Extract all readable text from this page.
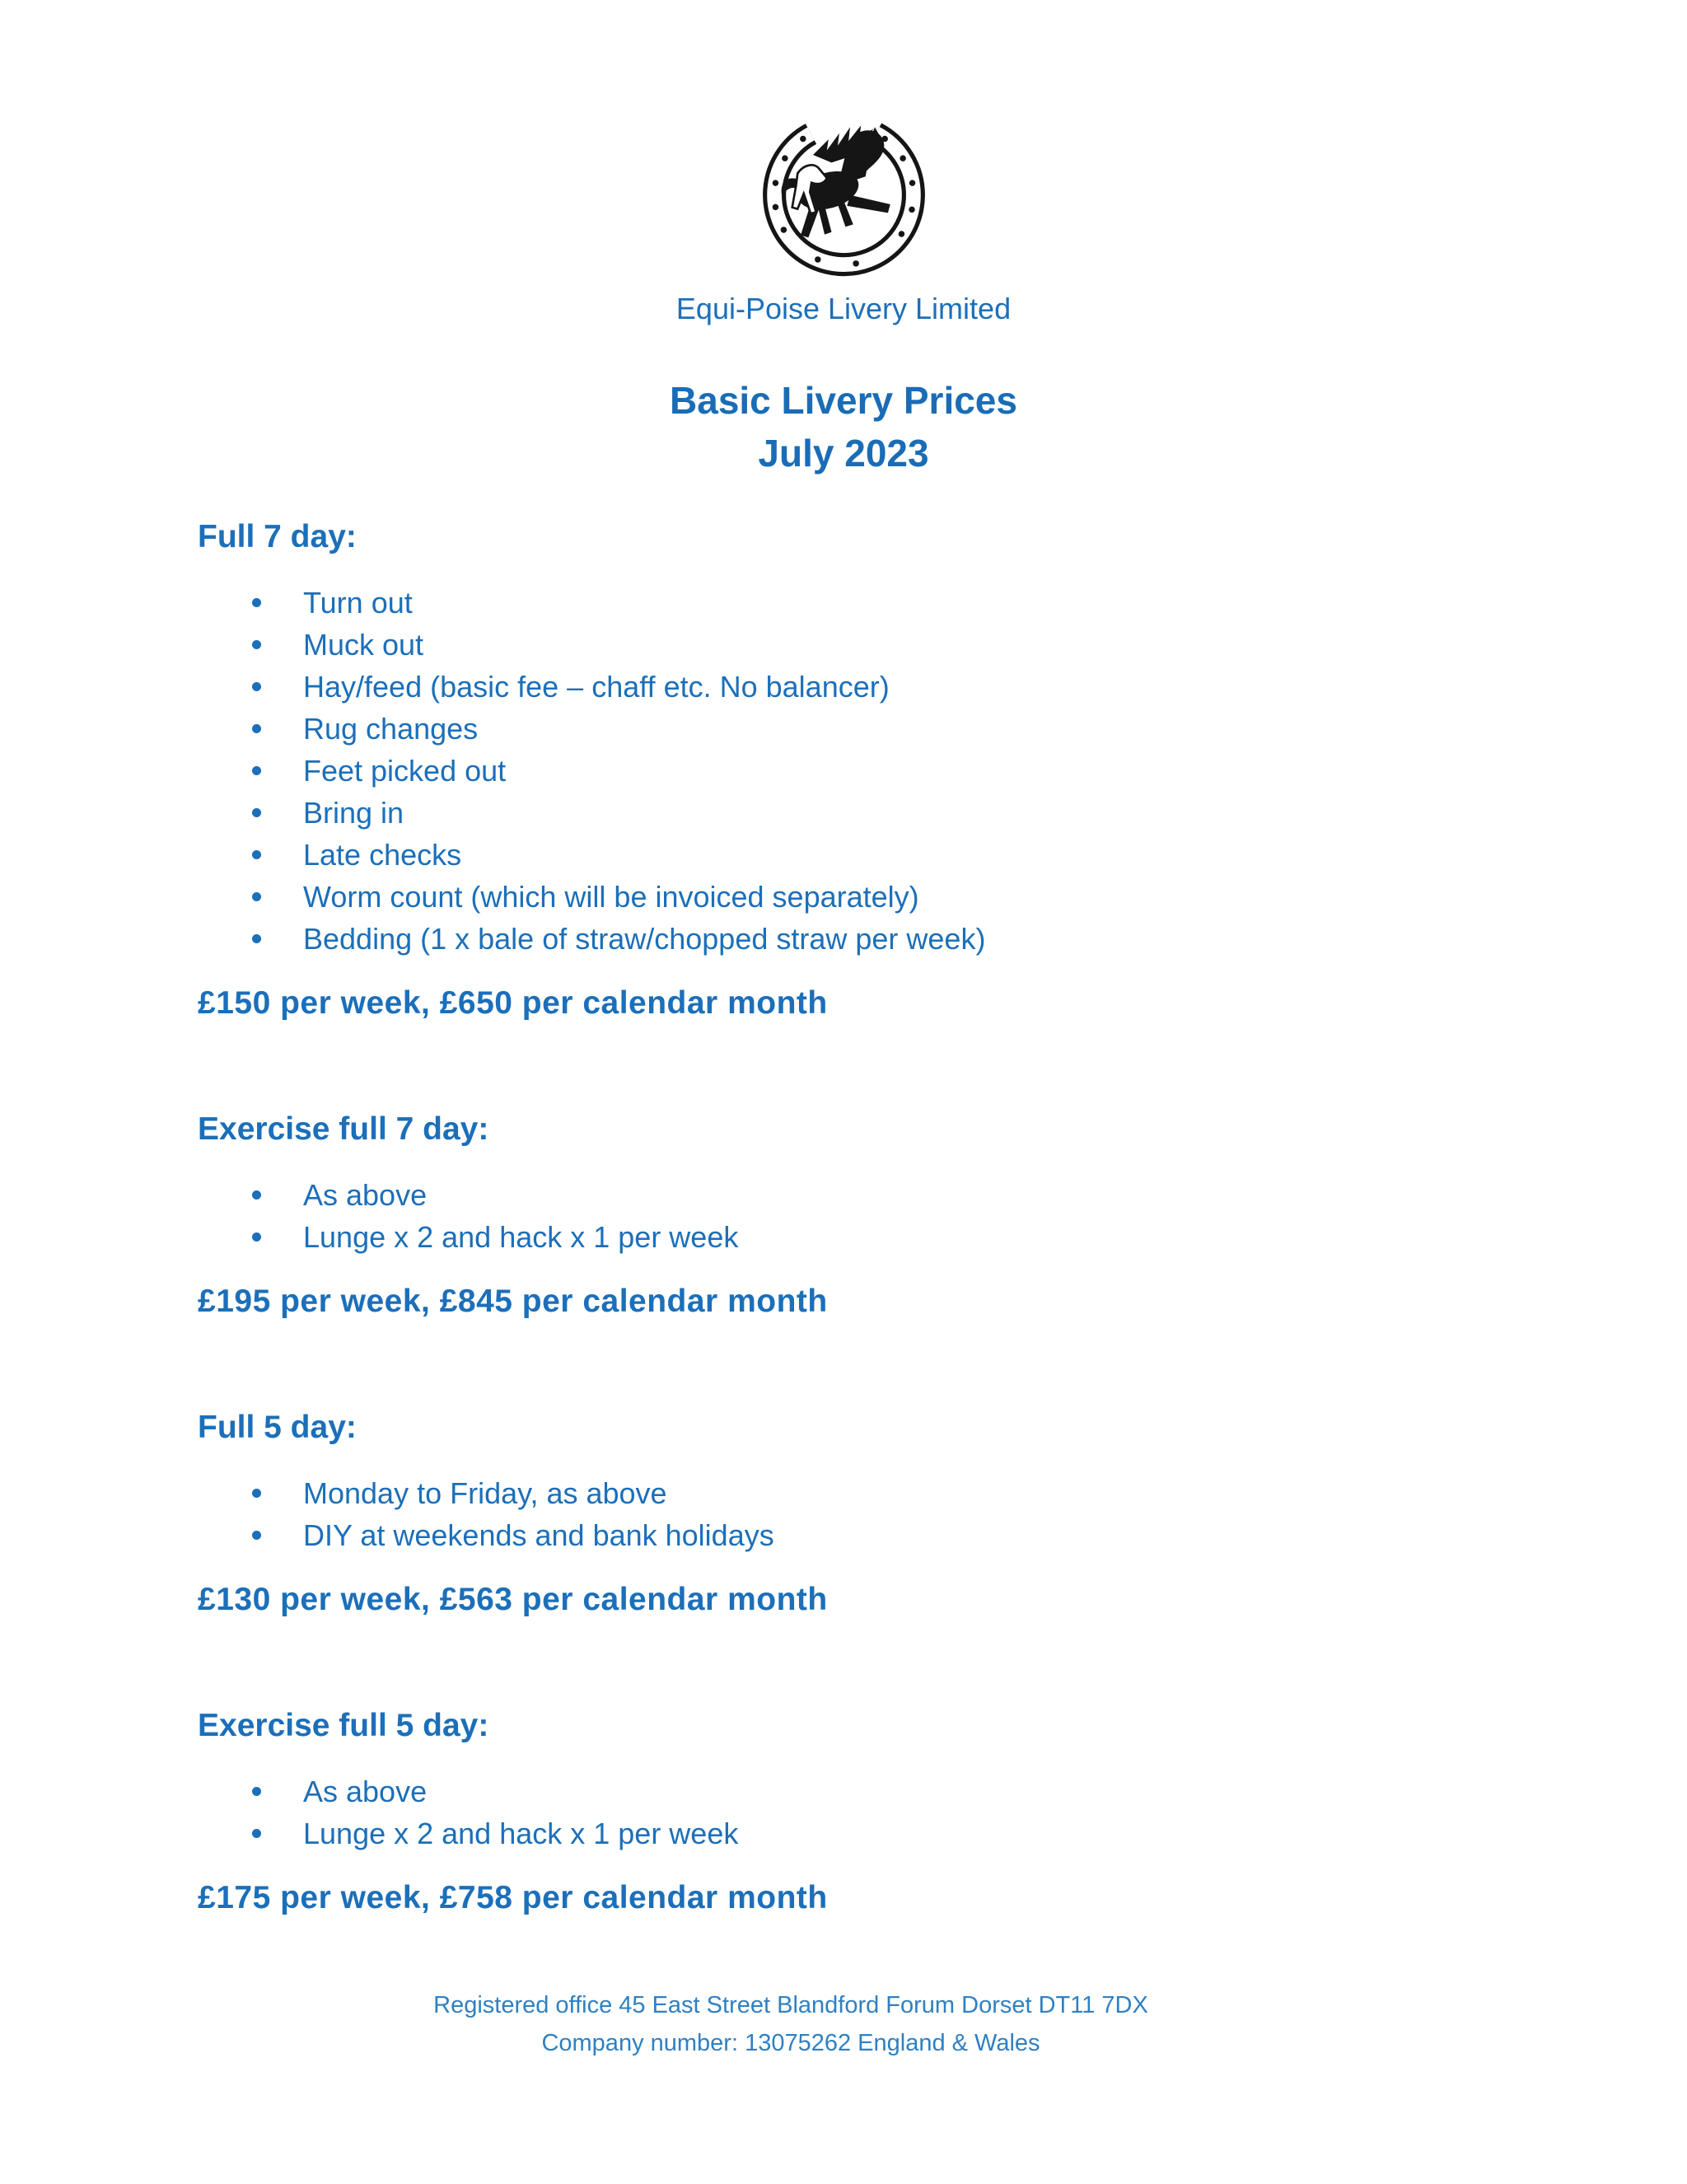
Equi-Poise Livery Limited
Basic Livery Prices
July 2023
Full 7 day:
Turn out
Muck out
Hay/feed (basic fee – chaff etc. No balancer)
Rug changes
Feet picked out
Bring in
Late checks
Worm count (which will be invoiced separately)
Bedding (1 x bale of straw/chopped straw per week)

£150 per week, £650 per calendar month

Exercise full 7 day:
As above
Lunge x 2 and hack x 1 per week

£195 per week, £845 per calendar month

Full 5 day:
Monday to Friday, as above
DIY at weekends and bank holidays

£130 per week, £563 per calendar month

Exercise full 5 day:
As above
Lunge x 2 and hack x 1 per week

£175 per week, £758 per calendar month

Registered office 45 East Street Blandford Forum Dorset DT11 7DX
Company number: 13075262 England & Wales
